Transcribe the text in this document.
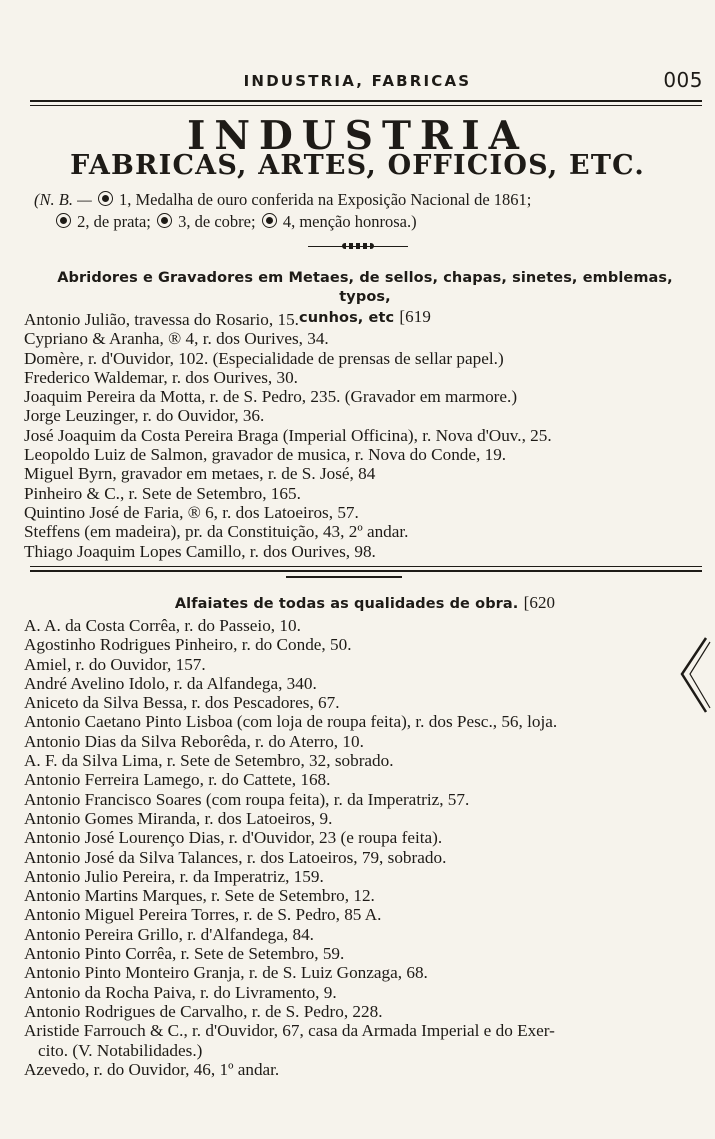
INDUSTRIA, FABRICAS	005
INDUSTRIA
FABRICAS, ARTES, OFFICIOS, ETC.
(N. B. —  1, Medalha de ouro conferida na Exposição Nacional de 1861;
2, de prata;  3, de cobre;  4, menção honrosa.)
Abridores e Gravadores em Metaes, de sellos, chapas, sinetes, emblemas, typos,
cunhos, etc [619
Antonio Julião, travessa do Rosario, 15.
Cypriano & Aranha, ® 4, r. dos Ourives, 34.
Domère, r. d'Ouvidor, 102. (Especialidade de prensas de sellar papel.)
Frederico Waldemar, r. dos Ourives, 30.
Joaquim Pereira da Motta, r. de S. Pedro, 235. (Gravador em marmore.)
Jorge Leuzinger, r. do Ouvidor, 36.
José Joaquim da Costa Pereira Braga (Imperial Officina), r. Nova d'Ouv., 25.
Leopoldo Luiz de Salmon, gravador de musica, r. Nova do Conde, 19.
Miguel Byrn, gravador em metaes, r. de S. José, 84
Pinheiro & C., r. Sete de Setembro, 165.
Quintino José de Faria, ® 6, r. dos Latoeiros, 57.
Steffens (em madeira), pr. da Constituição, 43, 2º andar.
Thiago Joaquim Lopes Camillo, r. dos Ourives, 98.
Alfaiates de todas as qualidades de obra. [620
A. A. da Costa Corrêa, r. do Passeio, 10.
Agostinho Rodrigues Pinheiro, r. do Conde, 50.
Amiel, r. do Ouvidor, 157.
André Avelino Idolo, r. da Alfandega, 340.
Aniceto da Silva Bessa, r. dos Pescadores, 67.
Antonio Caetano Pinto Lisboa (com loja de roupa feita), r. dos Pesc., 56, loja.
Antonio Dias da Silva Reborêda, r. do Aterro, 10.
A. F. da Silva Lima, r. Sete de Setembro, 32, sobrado.
Antonio Ferreira Lamego, r. do Cattete, 168.
Antonio Francisco Soares (com roupa feita), r. da Imperatriz, 57.
Antonio Gomes Miranda, r. dos Latoeiros, 9.
Antonio José Lourenço Dias, r. d'Ouvidor, 23 (e roupa feita).
Antonio José da Silva Talances, r. dos Latoeiros, 79, sobrado.
Antonio Julio Pereira, r. da Imperatriz, 159.
Antonio Martins Marques, r. Sete de Setembro, 12.
Antonio Miguel Pereira Torres, r. de S. Pedro, 85 A.
Antonio Pereira Grillo, r. d'Alfandega, 84.
Antonio Pinto Corrêa, r. Sete de Setembro, 59.
Antonio Pinto Monteiro Granja, r. de S. Luiz Gonzaga, 68.
Antonio da Rocha Paiva, r. do Livramento, 9.
Antonio Rodrigues de Carvalho, r. de S. Pedro, 228.
Aristide Farrouch & C., r. d'Ouvidor, 67, casa da Armada Imperial e do Exer-
cito. (V. Notabilidades.)
Azevedo, r. do Ouvidor, 46, 1º andar.
